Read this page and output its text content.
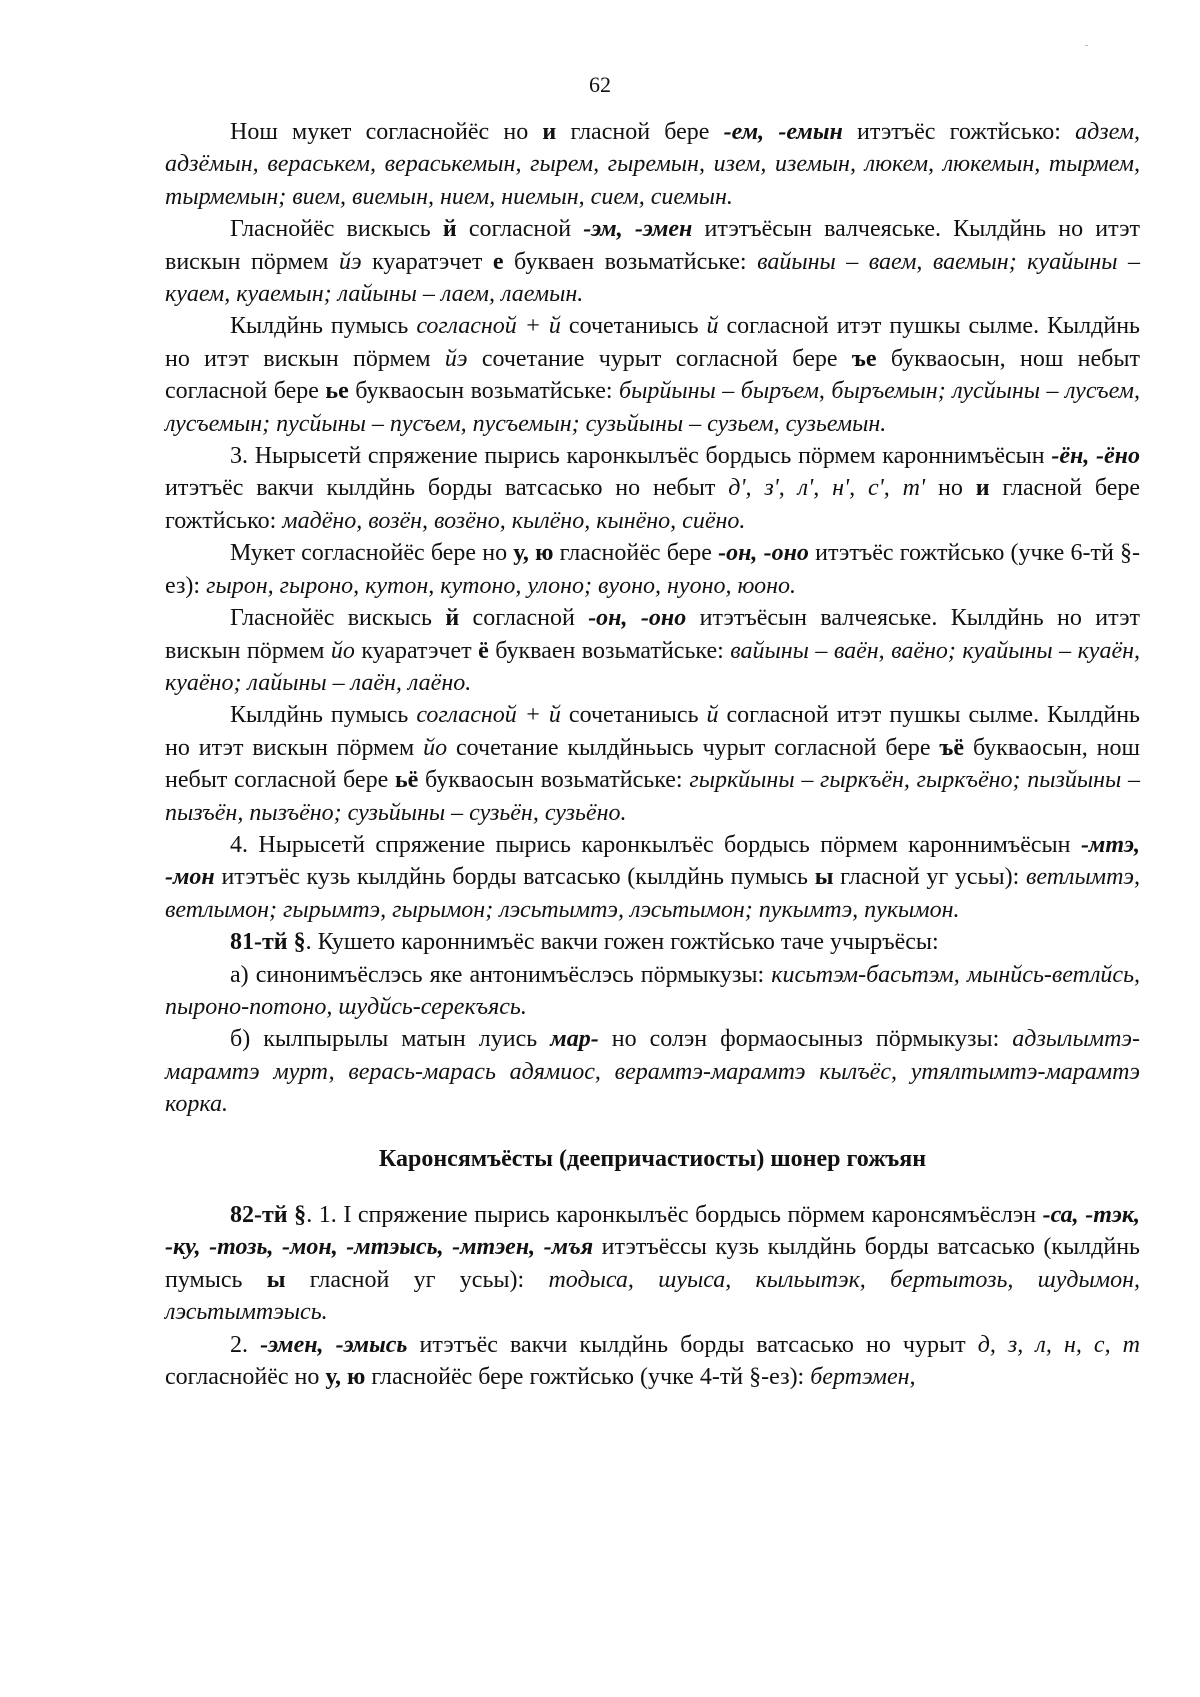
62

Нош мукет согласнойёс но и гласной бере -ем, -емын итэтъёс гожтйсько: адзем, адзёмын, вераськем, вераськемын, гырем, гыремын, изем, иземын, люкем, люкемын, тырмем, тырмемын; вием, виемын, нием, ниемын, сием, сиемын.

Гласнойёс вискысь й согласной -эм, -эмен итэтъёсын валчеяське. Кылдйнь но итэт вискын пӧрмем йэ куаратэчет е букваен возьматйське: вайыны – ваем, ваемын; куайыны – куаем, куаемын; лайыны – лаем, лаемын.

Кылдйнь пумысь согласной + й сочетаниысь й согласной итэт пушкы сылме. Кылдйнь но итэт вискын пӧрмем йэ сочетание чурыт согласной бере ъе букваосын, нош небыт согласной бере ье букваосын возьматйське: бырйыны – быръем, быръемын; лусйыны – лусъем, лусъемын; пусйыны – пусъем, пусъемын; сузьйыны – сузьем, сузьемын.

3. Нырысетй спряжение пырись каронкылъёс бордысь пӧрмем кароннимъёсын -ён, -ёно итэтъёс вакчи кылдйнь борды ватсасько но небыт д', з', л', н', с', т' но и гласной бере гожтйсько: мадёно, возён, возёно, кылёно, кынёно, сиёно.

Мукет согласнойёс бере но у, ю гласнойёс бере -он, -оно итэтъёс гожтйсько (учке 6-тй §-ез): гырон, гыроно, кутон, кутоно, улоно; вуоно, нуоно, юоно.

Гласнойёс вискысь й согласной -он, -оно итэтъёсын валчеяське. Кылдйнь но итэт вискын пӧрмем йо куаратэчет ё букваен возьматйське: вайыны – ваён, ваёно; куайыны – куаён, куаёно; лайыны – лаён, лаёно.

Кылдйнь пумысь согласной + й сочетаниысь й согласной итэт пушкы сылме. Кылдйнь но итэт вискын пӧрмем йо сочетание кылдйньысь чурыт согласной бере ъё букваосын, нош небыт согласной бере ьё букваосын возьматйське: гыркйыны – гыркъён, гыркъёно; пызйыны – пызъён, пызъёно; сузьйыны – сузьён, сузьёно.

4. Нырысетй спряжение пырись каронкылъёс бордысь пӧрмем кароннимъёсын -мтэ, -мон итэтъёс кузь кылдйнь борды ватсасько (кылдйнь пумысь ы гласной уг усьы): ветлымтэ, ветлымон; гырымтэ, гырымон; лэсьтымтэ, лэсьтымон; пукымтэ, пукымон.

81-тй §. Кушето кароннимъёс вакчи гожен гожтйсько таче учыръёсы:

а) синонимъёслэсь яке антонимъёслэсь пӧрмыкузы: кисьтэм-басьтэм, мынйсь-ветлйсь, пыроно-потоно, шудйсь-серекъясь.

б) кылпырылы матын луись мар- но солэн формаосыныз пӧрмыкузы: адзылымтэ-марамтэ мурт, верась-марась адямиос, верамтэ-марамтэ кылъёс, утялтымтэ-марамтэ корка.

Каронсямъёсты (деепричастиосты) шонер гожъян

82-тй §. 1. I спряжение пырись каронкылъёс бордысь пӧрмем каронсямъёслэн -са, -тэк, -ку, -тозь, -мон, -мтэысь, -мтэен, -мъя итэтъёссы кузь кылдйнь борды ватсасько (кылдйнь пумысь ы гласной уг усьы): тодыса, шуыса, кыльытэк, бертытозь, шудымон, лэсьтымтэысь.

2. -эмен, -эмысь итэтъёс вакчи кылдйнь борды ватсасько но чурыт д, з, л, н, с, т согласнойёс но у, ю гласнойёс бере гожтйсько (учке 4-тй §-ез): бертэмен,
